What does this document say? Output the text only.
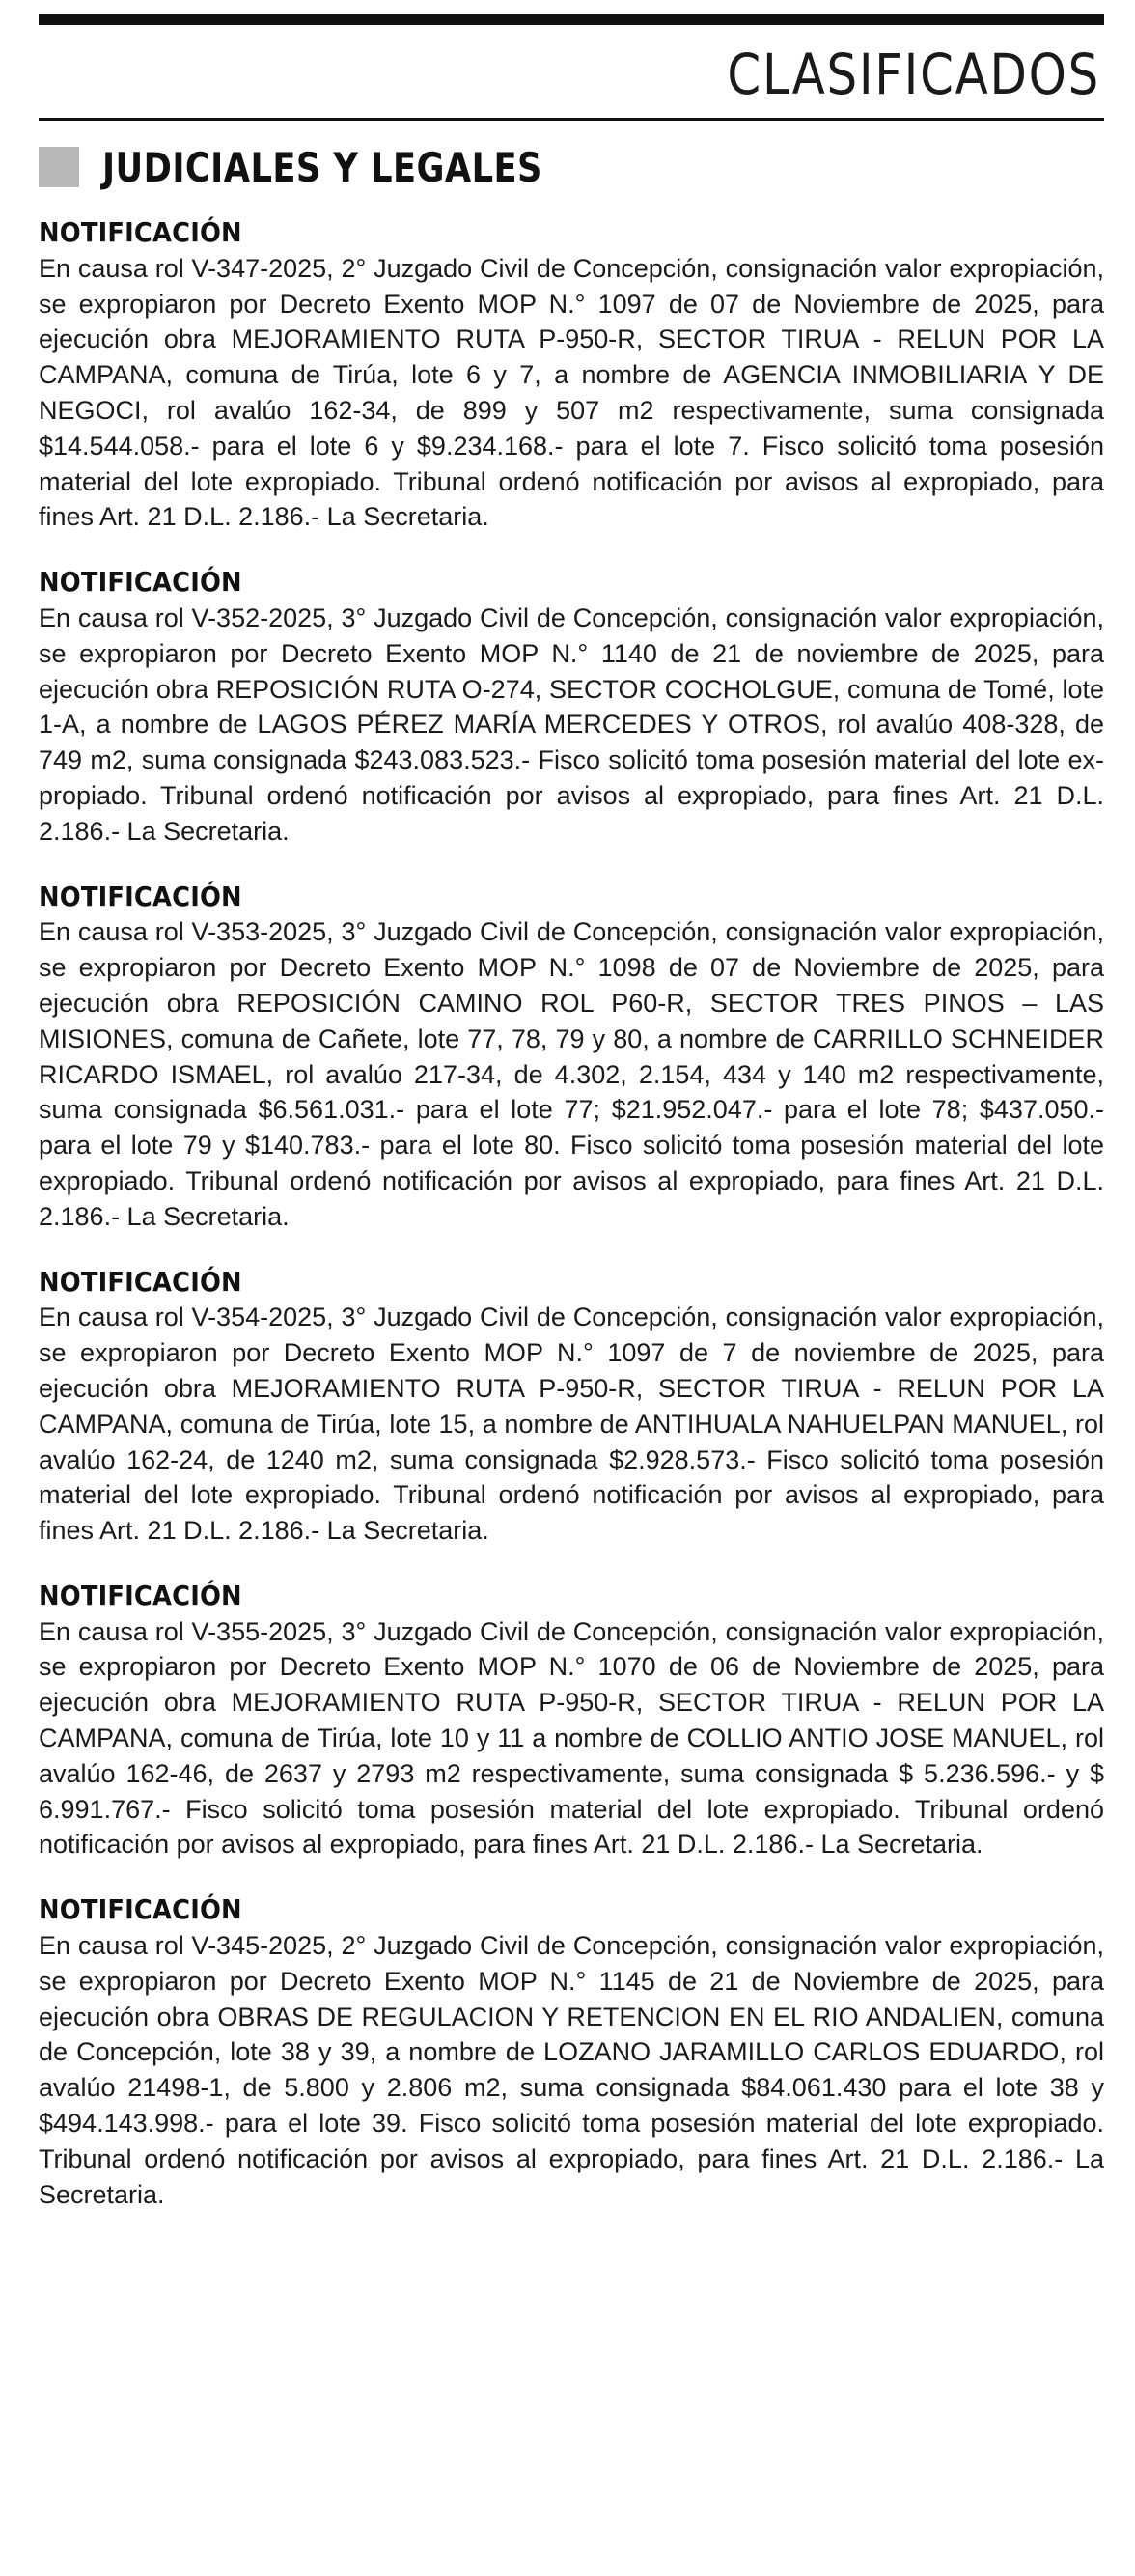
CLASIFICADOS
JUDICIALES Y LEGALES
NOTIFICACIÓN
En causa rol V-347-2025, 2° Juzgado Civil de Concepción, consignación valor expropiación, se expropiaron por Decreto Exento MOP N.° 1097 de 07 de Noviembre de 2025, para ejecución obra MEJORAMIENTO RUTA P-950-R, SECTOR TIRUA - RELUN POR LA CAMPANA, comuna de Tirúa, lote 6 y 7, a nombre de AGENCIA INMOBILIARIA Y DE NEGOCI, rol avalúo 162-34, de 899 y 507 m2 respectivamente, suma consignada $14.544.058.- para el lote 6 y $9.234.168.- para el lote 7. Fisco solicitó toma posesión material del lote expropiado. Tribunal ordenó notificación por avisos al expropiado, para fines Art. 21 D.L. 2.186.- La Secretaria.
NOTIFICACIÓN
En causa rol V-352-2025, 3° Juzgado Civil de Concepción, consignación valor expropiación, se expropiaron por Decreto Exento MOP N.° 1140 de 21 de noviembre de 2025, para ejecución obra REPOSICIÓN RUTA O-274, SECTOR COCHOLGUE, comuna de Tomé, lote 1-A, a nombre de LAGOS PÉREZ MARÍA MERCEDES Y OTROS, rol avalúo 408-328, de 749 m2, suma consignada $243.083.523.- Fisco solicitó toma posesión material del lote expropiado. Tribunal ordenó notificación por avisos al expropiado, para fines Art. 21 D.L. 2.186.- La Secretaria.
NOTIFICACIÓN
En causa rol V-353-2025, 3° Juzgado Civil de Concepción, consignación valor expropiación, se expropiaron por Decreto Exento MOP N.° 1098 de 07 de Noviembre de 2025, para ejecución obra REPOSICIÓN CAMINO ROL P60-R, SECTOR TRES PINOS – LAS MISIONES, comuna de Cañete, lote 77, 78, 79 y 80, a nombre de CARRILLO SCHNEIDER RICARDO ISMAEL, rol avalúo 217-34, de 4.302, 2.154, 434 y 140 m2 respectivamente, suma consignada $6.561.031.- para el lote 77; $21.952.047.- para el lote 78; $437.050.- para el lote 79 y $140.783.- para el lote 80. Fisco solicitó toma posesión material del lote expropiado. Tribunal ordenó notificación por avisos al expropiado, para fines Art. 21 D.L. 2.186.- La Secretaria.
NOTIFICACIÓN
En causa rol V-354-2025, 3° Juzgado Civil de Concepción, consignación valor expropiación, se expropiaron por Decreto Exento MOP N.° 1097 de 7 de noviembre de 2025, para ejecución obra MEJORAMIENTO RUTA P-950-R, SECTOR TIRUA - RELUN POR LA CAMPANA, comuna de Tirúa, lote 15, a nombre de ANTIHUALA NAHUELPAN MANUEL, rol avalúo 162-24, de 1240 m2, suma consignada $2.928.573.- Fisco solicitó toma posesión material del lote expropiado. Tribunal ordenó notificación por avisos al expropiado, para fines Art. 21 D.L. 2.186.- La Secretaria.
NOTIFICACIÓN
En causa rol V-355-2025, 3° Juzgado Civil de Concepción, consignación valor expropiación, se expropiaron por Decreto Exento MOP N.° 1070 de 06 de Noviembre de 2025, para ejecución obra MEJORAMIENTO RUTA P-950-R, SECTOR TIRUA - RELUN POR LA CAMPANA, comuna de Tirúa, lote 10 y 11 a nombre de COLLIO ANTIO JOSE MANUEL, rol avalúo 162-46, de 2637 y 2793 m2 respectivamente, suma consignada $ 5.236.596.- y $ 6.991.767.- Fisco solicitó toma posesión material del lote expropiado. Tribunal ordenó notificación por avisos al expropiado, para fines Art. 21 D.L. 2.186.- La Secretaria.
NOTIFICACIÓN
En causa rol V-345-2025, 2° Juzgado Civil de Concepción, consignación valor expropiación, se expropiaron por Decreto Exento MOP N.° 1145 de 21 de Noviembre de 2025, para ejecución obra OBRAS DE REGULACION Y RETENCION EN EL RIO ANDALIEN, comuna de Concepción, lote 38 y 39, a nombre de LOZANO JARAMILLO CARLOS EDUARDO, rol avalúo 21498-1, de 5.800 y 2.806 m2, suma consignada $84.061.430 para el lote 38 y $494.143.998.- para el lote 39. Fisco solicitó toma posesión material del lote expropiado. Tribunal ordenó notificación por avisos al expropiado, para fines Art. 21 D.L. 2.186.- La Secretaria.
